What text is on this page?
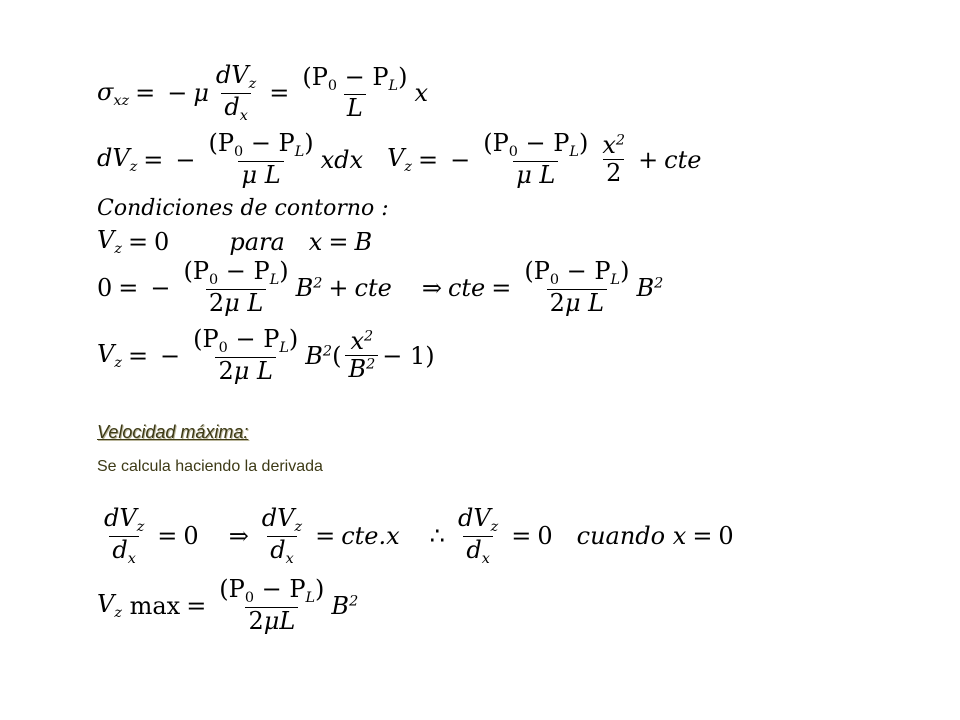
$\sigma_{xz}$ = − μ $\frac{dV_z}{d_x} = \frac{(P_0 - P_L)}{L}$ x
$dV_z$ = − $\frac{(P_0 - P_L)}{\text{μ L}}$ xdx $V_z$ = − $\frac{(P_0 - P_L)}{\text{μ L}} \frac{x^2}{2}$ + cte
Condiciones de contorno :
$V_z = 0$	para x = B
0 = − $\frac{(P_0 - P_L)}{\text{2μ L}} B^2$ + cte ⇒ cte = $\frac{(P_0 - P_L)}{\text{2μ L}} B^2$
$V_z$ = − $\frac{(P_0 - P_L)}{\text{2μ L}} B^2$ ( $\frac{x^2}{B^2} - 1$)
Velocidad máxima:
Se calcula haciendo la derivada
$\frac{dV_z}{d_x} = 0$ ⇒ $\frac{dV_z}{d_x} = cte.x$ ∴ $\frac{dV_z}{d_x} = 0$ cuando
x = 0
$V_z$
$\max = \frac{(P_0 - P_L)}{2\mu L} B^2$
